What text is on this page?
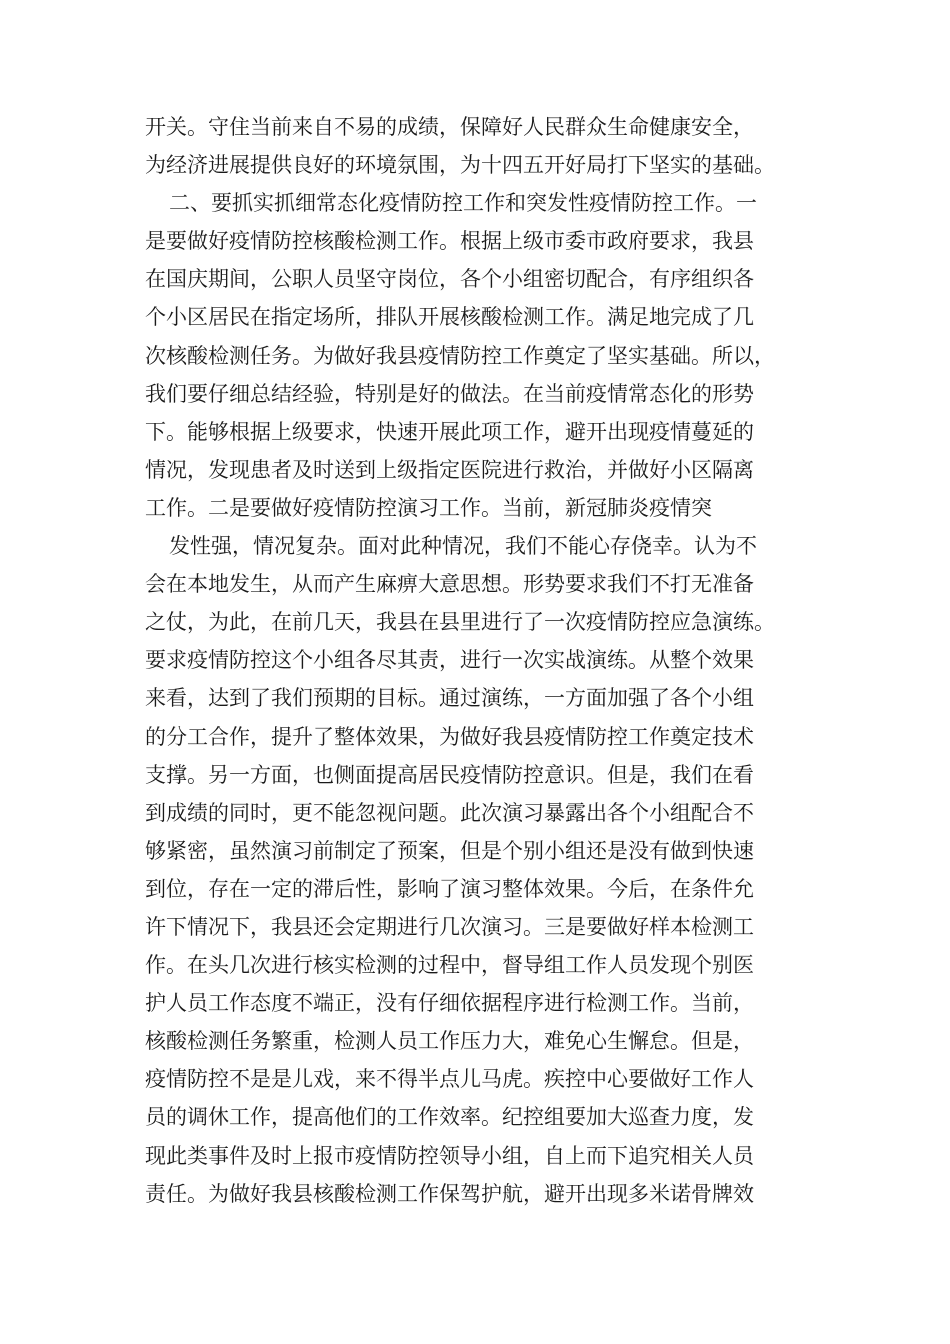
开关。守住当前来自不易的成绩，保障好人民群众生命健康安全，
为经济进展提供良好的环境氛围，为十四五开好局打下坚实的基础。
二、要抓实抓细常态化疫情防控工作和突发性疫情防控工作。一
是要做好疫情防控核酸检测工作。根据上级市委市政府要求，我县
在国庆期间，公职人员坚守岗位，各个小组密切配合，有序组织各
个小区居民在指定场所，排队开展核酸检测工作。满足地完成了几
次核酸检测任务。为做好我县疫情防控工作奠定了坚实基础。所以，
我们要仔细总结经验，特别是好的做法。在当前疫情常态化的形势
下。能够根据上级要求，快速开展此项工作，避开出现疫情蔓延的
情况，发现患者及时送到上级指定医院进行救治，并做好小区隔离
工作。二是要做好疫情防控演习工作。当前，新冠肺炎疫情突
发性强，情况复杂。面对此种情况，我们不能心存侥幸。认为不
会在本地发生，从而产生麻痹大意思想。形势要求我们不打无准备
之仗，为此，在前几天，我县在县里进行了一次疫情防控应急演练。
要求疫情防控这个小组各尽其责，进行一次实战演练。从整个效果
来看，达到了我们预期的目标。通过演练，一方面加强了各个小组
的分工合作，提升了整体效果，为做好我县疫情防控工作奠定技术
支撑。另一方面，也侧面提高居民疫情防控意识。但是，我们在看
到成绩的同时，更不能忽视问题。此次演习暴露出各个小组配合不
够紧密，虽然演习前制定了预案，但是个别小组还是没有做到快速
到位，存在一定的滞后性，影响了演习整体效果。今后，在条件允
许下情况下，我县还会定期进行几次演习。三是要做好样本检测工
作。在头几次进行核实检测的过程中，督导组工作人员发现个别医
护人员工作态度不端正，没有仔细依据程序进行检测工作。当前，
核酸检测任务繁重，检测人员工作压力大，难免心生懈怠。但是，
疫情防控不是是儿戏，来不得半点儿马虎。疾控中心要做好工作人
员的调休工作，提高他们的工作效率。纪控组要加大巡查力度，发
现此类事件及时上报市疫情防控领导小组，自上而下追究相关人员
责任。为做好我县核酸检测工作保驾护航，避开出现多米诺骨牌效
